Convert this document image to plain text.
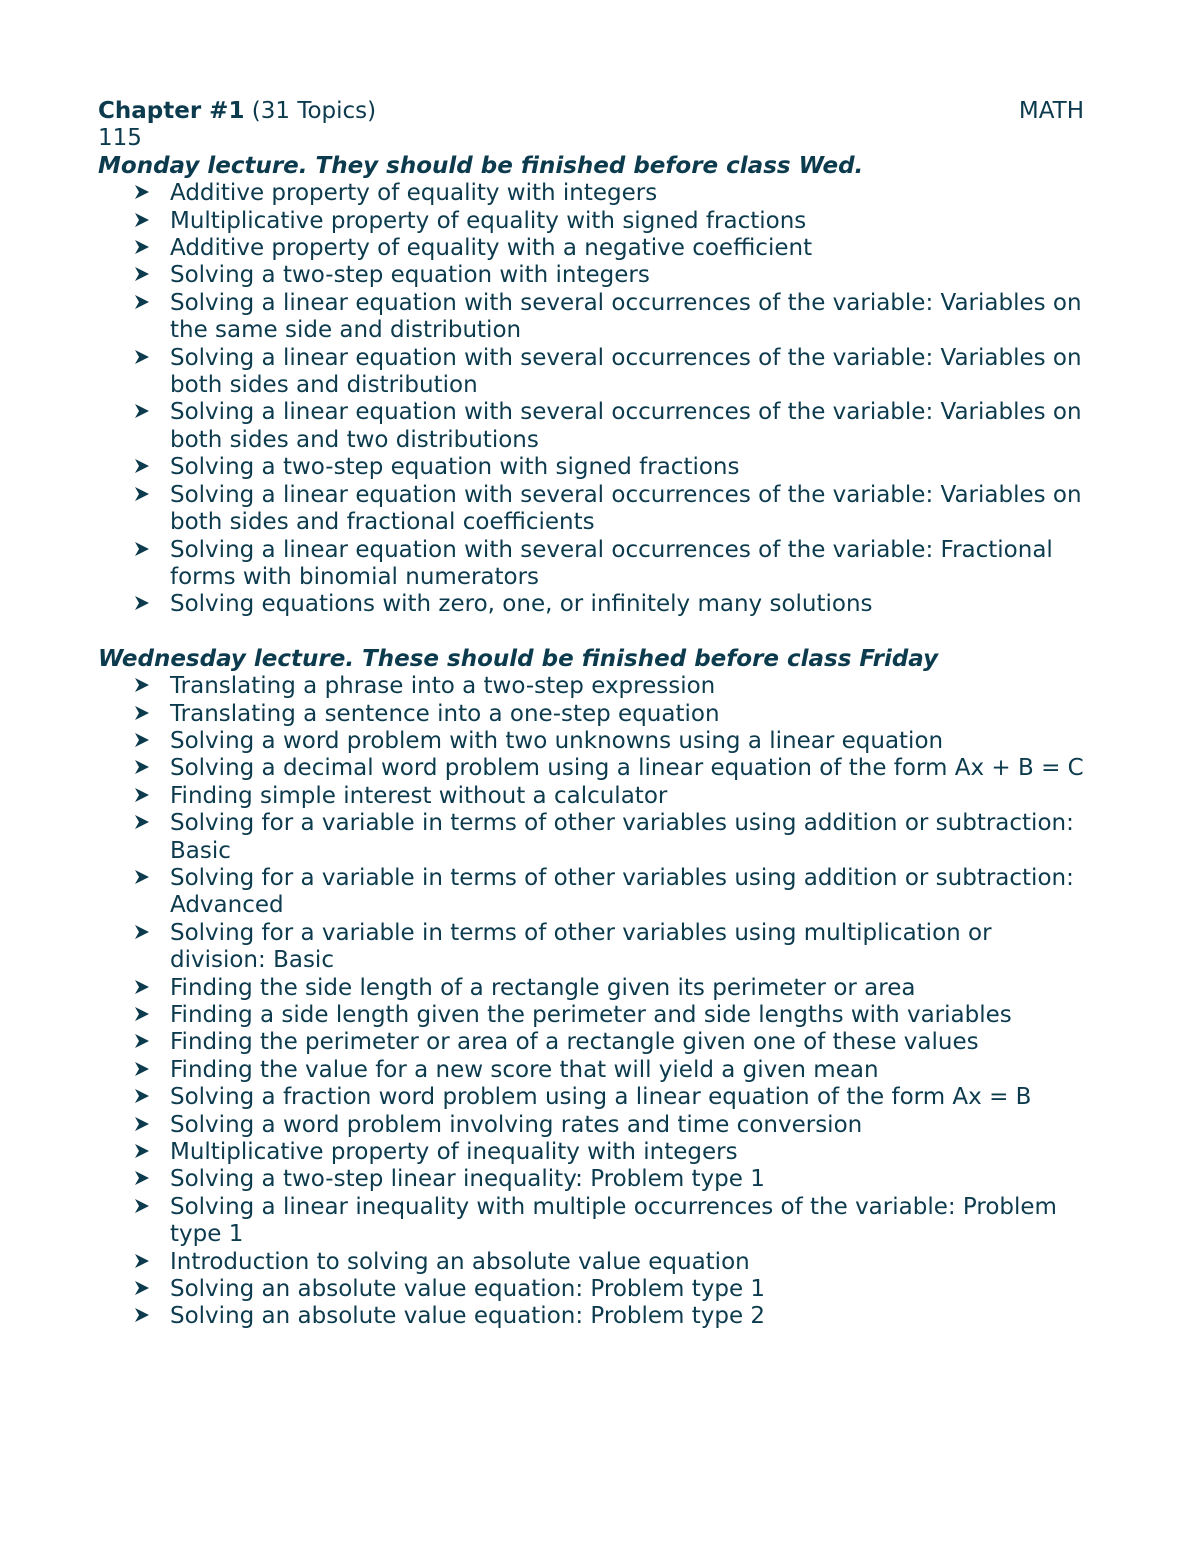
Chapter #1 (31 Topics)	MATH
115
Monday lecture. They should be finished before class Wed.
Additive property of equality with integers
Multiplicative property of equality with signed fractions
Additive property of equality with a negative coefficient
Solving a two-step equation with integers
Solving a linear equation with several occurrences of the variable: Variables on the same side and distribution
Solving a linear equation with several occurrences of the variable: Variables on both sides and distribution
Solving a linear equation with several occurrences of the variable: Variables on both sides and two distributions
Solving a two-step equation with signed fractions
Solving a linear equation with several occurrences of the variable: Variables on both sides and fractional coefficients
Solving a linear equation with several occurrences of the variable: Fractional forms with binomial numerators
Solving equations with zero, one, or infinitely many solutions
Wednesday lecture. These should be finished before class Friday
Translating a phrase into a two-step expression
Translating a sentence into a one-step equation
Solving a word problem with two unknowns using a linear equation
Solving a decimal word problem using a linear equation of the form Ax + B = C
Finding simple interest without a calculator
Solving for a variable in terms of other variables using addition or subtraction: Basic
Solving for a variable in terms of other variables using addition or subtraction: Advanced
Solving for a variable in terms of other variables using multiplication or division: Basic
Finding the side length of a rectangle given its perimeter or area
Finding a side length given the perimeter and side lengths with variables
Finding the perimeter or area of a rectangle given one of these values
Finding the value for a new score that will yield a given mean
Solving a fraction word problem using a linear equation of the form Ax = B
Solving a word problem involving rates and time conversion
Multiplicative property of inequality with integers
Solving a two-step linear inequality: Problem type 1
Solving a linear inequality with multiple occurrences of the variable: Problem type 1
Introduction to solving an absolute value equation
Solving an absolute value equation: Problem type 1
Solving an absolute value equation: Problem type 2
